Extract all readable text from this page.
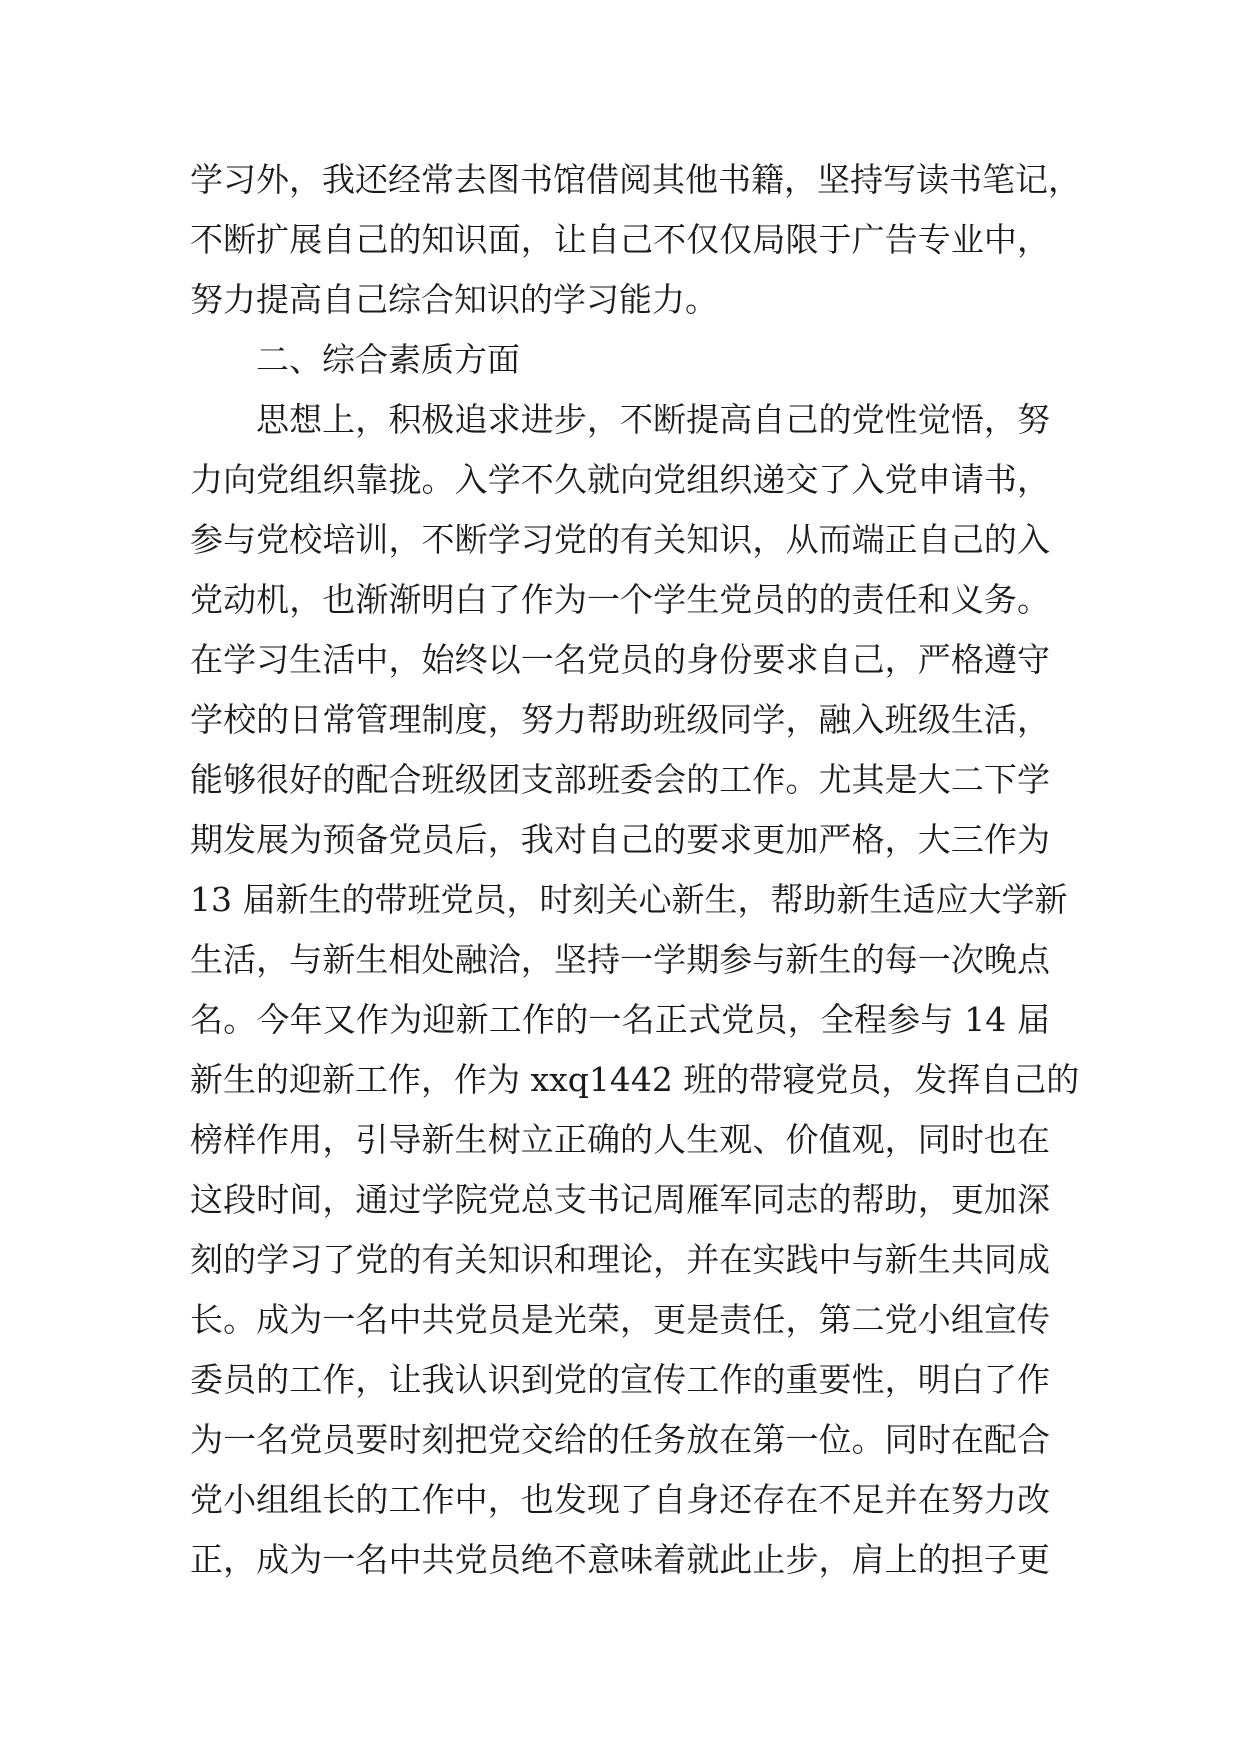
学习外，我还经常去图书馆借阅其他书籍，坚持写读书笔记，
不断扩展自己的知识面，让自己不仅仅局限于广告专业中，
努力提高自己综合知识的学习能力。
二、综合素质方面
思想上，积极追求进步，不断提高自己的党性觉悟，努
力向党组织靠拢。入学不久就向党组织递交了入党申请书，
参与党校培训，不断学习党的有关知识，从而端正自己的入
党动机，也渐渐明白了作为一个学生党员的的责任和义务。
在学习生活中，始终以一名党员的身份要求自己，严格遵守
学校的日常管理制度，努力帮助班级同学，融入班级生活，
能够很好的配合班级团支部班委会的工作。尤其是大二下学
期发展为预备党员后，我对自己的要求更加严格，大三作为
13 届新生的带班党员，时刻关心新生，帮助新生适应大学新
生活，与新生相处融洽，坚持一学期参与新生的每一次晚点
名。今年又作为迎新工作的一名正式党员，全程参与 14 届
新生的迎新工作，作为 xxq1442 班的带寝党员，发挥自己的
榜样作用，引导新生树立正确的人生观、价值观，同时也在
这段时间，通过学院党总支书记周雁军同志的帮助，更加深
刻的学习了党的有关知识和理论，并在实践中与新生共同成
长。成为一名中共党员是光荣，更是责任，第二党小组宣传
委员的工作，让我认识到党的宣传工作的重要性，明白了作
为一名党员要时刻把党交给的任务放在第一位。同时在配合
党小组组长的工作中，也发现了自身还存在不足并在努力改
正，成为一名中共党员绝不意味着就此止步，肩上的担子更
